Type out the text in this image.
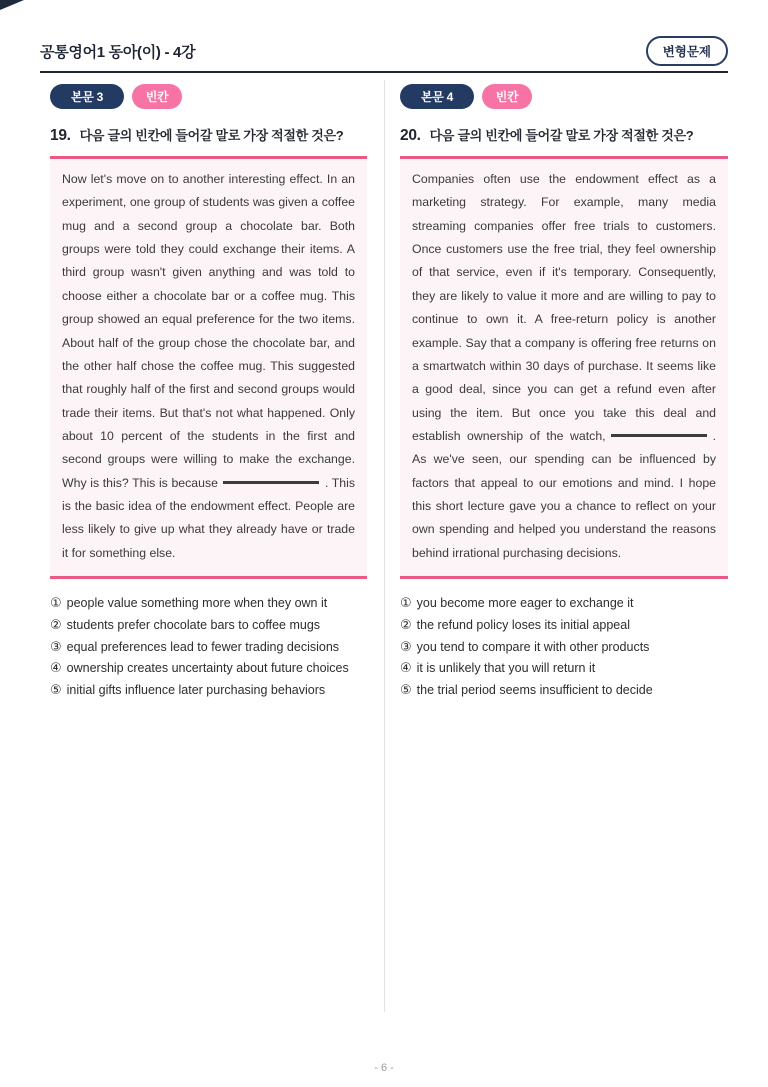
공통영어1 동아(이) - 4강	변형문제
본문 3	빈칸
19. 다음 글의 빈칸에 들어갈 말로 가장 적절한 것은?
Now let's move on to another interesting effect. In an experiment, one group of students was given a coffee mug and a second group a chocolate bar. Both groups were told they could exchange their items. A third group wasn't given anything and was told to choose either a chocolate bar or a coffee mug. This group showed an equal preference for the two items. About half of the group chose the chocolate bar, and the other half chose the coffee mug. This suggested that roughly half of the first and second groups would trade their items. But that's not what happened. Only about 10 percent of the students in the first and second groups were willing to make the exchange. Why is this? This is because	. This is the basic idea of the endowment effect. People are less likely to give up what they already have or trade it for something else.
① people value something more when they own it
② students prefer chocolate bars to coffee mugs
③ equal preferences lead to fewer trading decisions
④ ownership creates uncertainty about future choices
⑤ initial gifts influence later purchasing behaviors
본문 4	빈칸
20. 다음 글의 빈칸에 들어갈 말로 가장 적절한 것은?
Companies often use the endowment effect as a marketing strategy. For example, many media streaming companies offer free trials to customers. Once customers use the free trial, they feel ownership of that service, even if it's temporary. Consequently, they are likely to value it more and are willing to pay to continue to own it. A free-return policy is another example. Say that a company is offering free returns on a smartwatch within 30 days of purchase. It seems like a good deal, since you can get a refund even after using the item. But once you take this deal and establish ownership of the watch,	. As we've seen, our spending can be influenced by factors that appeal to our emotions and mind. I hope this short lecture gave you a chance to reflect on your own spending and helped you understand the reasons behind irrational purchasing decisions.
① you become more eager to exchange it
② the refund policy loses its initial appeal
③ you tend to compare it with other products
④ it is unlikely that you will return it
⑤ the trial period seems insufficient to decide
- 6 -
